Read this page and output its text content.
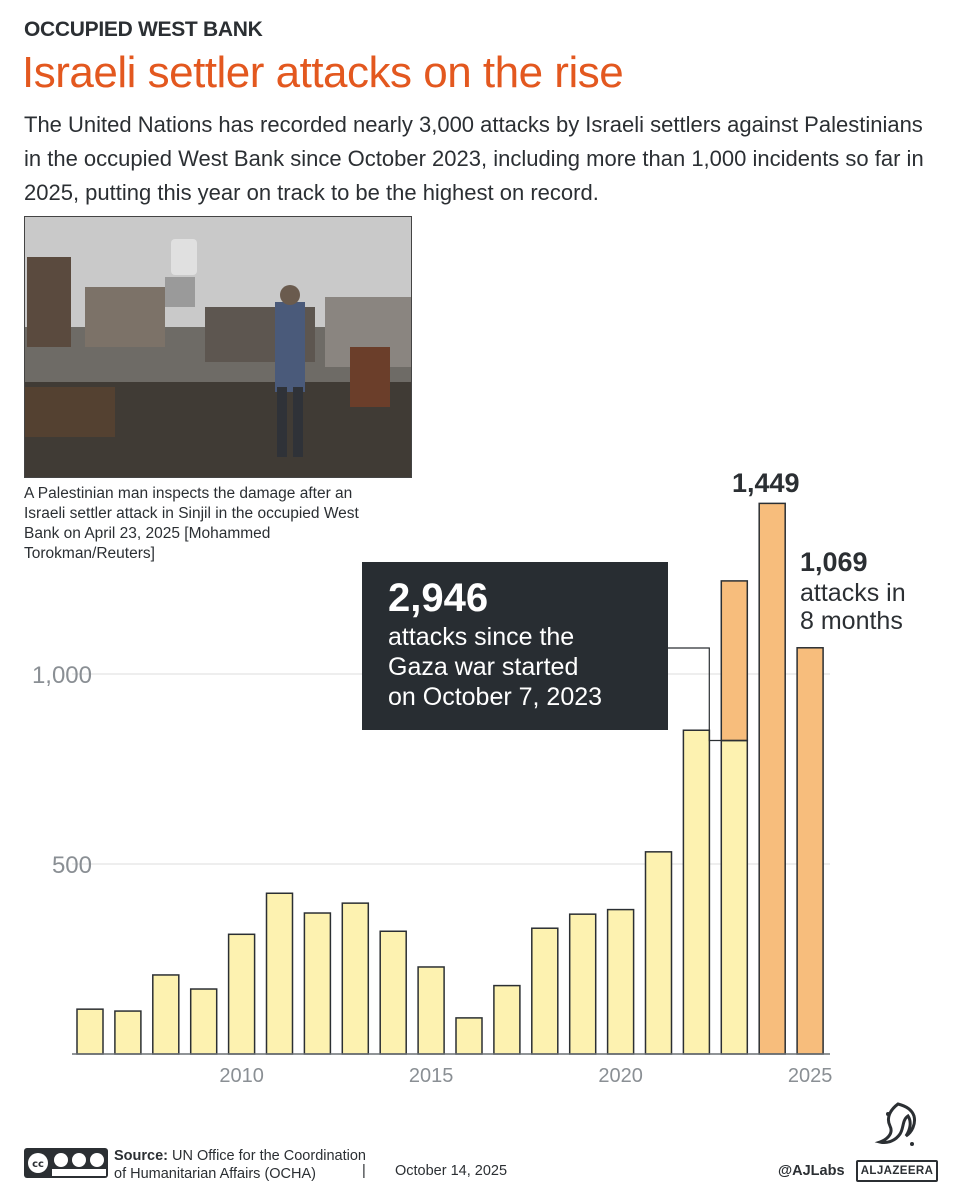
OCCUPIED WEST BANK
Israeli settler attacks on the rise
The United Nations has recorded nearly 3,000 attacks by Israeli settlers against Palestinians in the occupied West Bank since October 2023, including more than 1,000 incidents so far in 2025, putting this year on track to be the highest on record.
A Palestinian man inspects the damage after an Israeli settler attack in Sinjil in the occupied West Bank on April 23, 2025 [Mohammed Torokman/Reuters]
500
1,000
2010	2015	2020	2025
2,946
attacks since the
Gaza war started
on October 7, 2023
1,449
1,069
attacks in
8 months
cc
Source: UN Office for the Coordination
of Humanitarian Affairs (OCHA)	| October 14, 2025	@AJLabs	ALJAZEERA
